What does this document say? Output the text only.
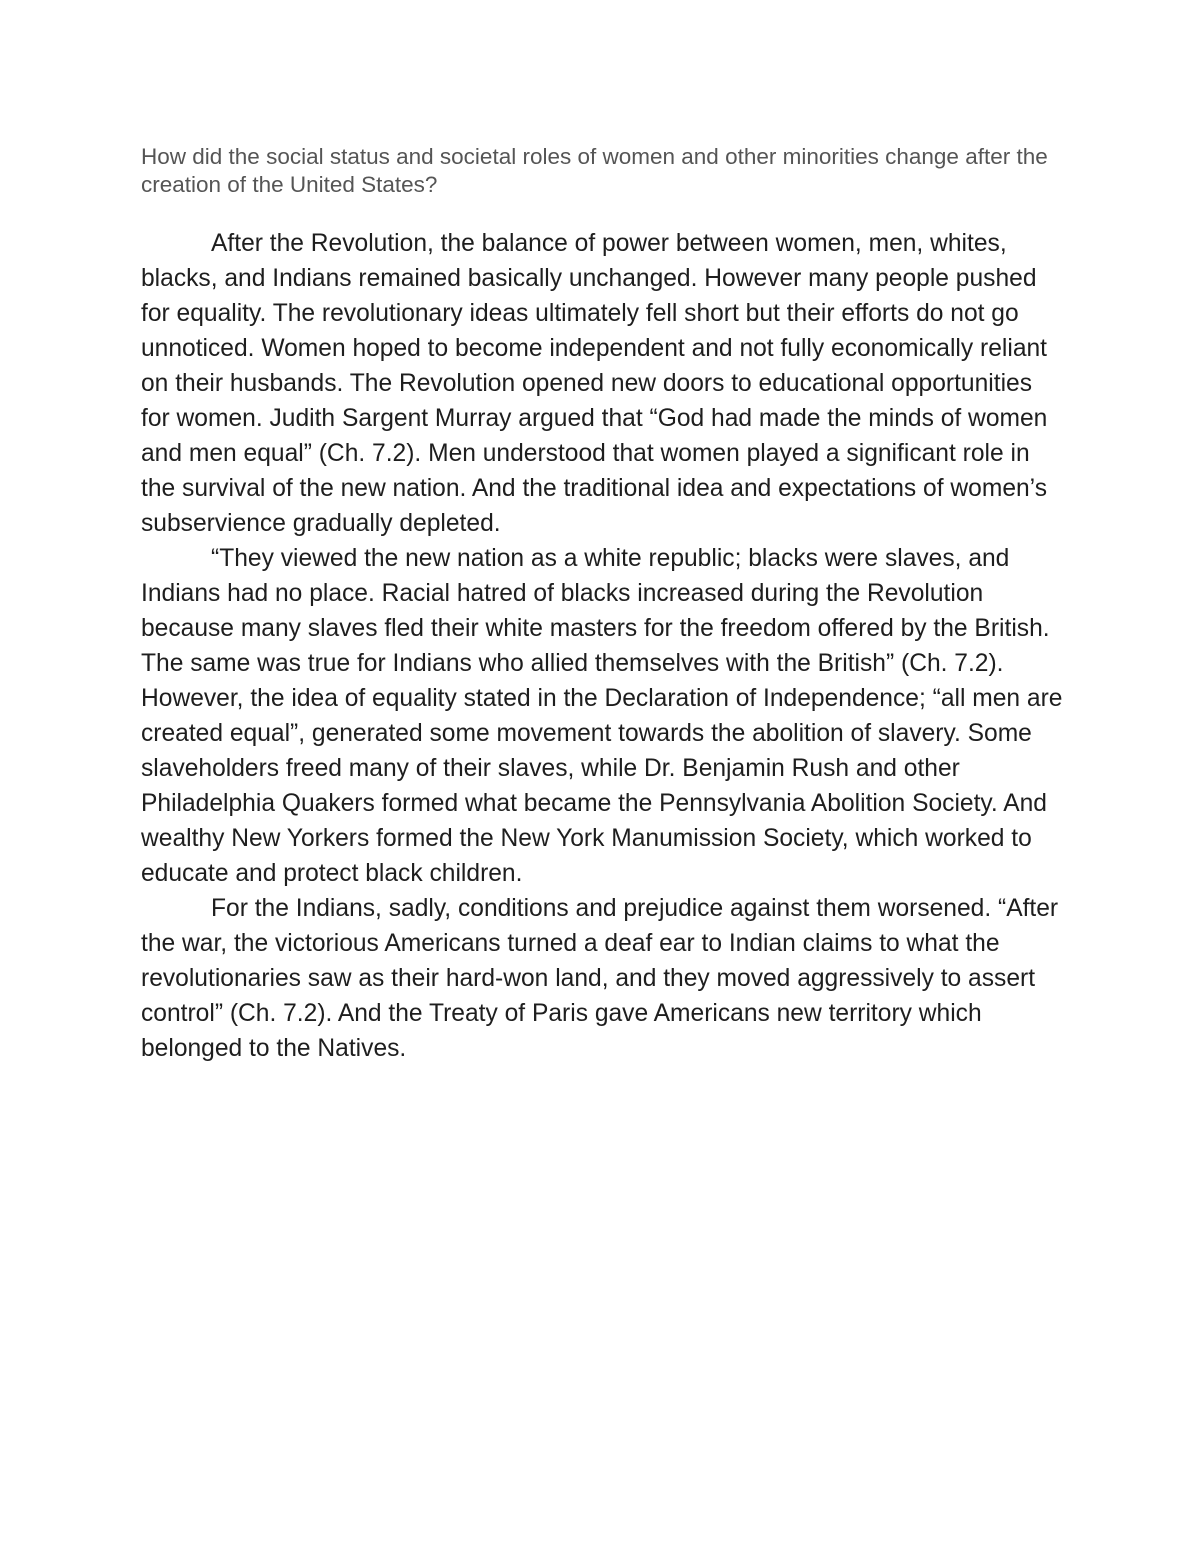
How did the social status and societal roles of women and other minorities change after the creation of the United States?

After the Revolution, the balance of power between women, men, whites, blacks, and Indians remained basically unchanged. However many people pushed for equality. The revolutionary ideas ultimately fell short but their efforts do not go unnoticed. Women hoped to become independent and not fully economically reliant on their husbands. The Revolution opened new doors to educational opportunities for women. Judith Sargent Murray argued that “God had made the minds of women and men equal” (Ch. 7.2). Men understood that women played a significant role in the survival of the new nation. And the traditional idea and expectations of women’s subservience gradually depleted.

“They viewed the new nation as a white republic; blacks were slaves, and Indians had no place. Racial hatred of blacks increased during the Revolution because many slaves fled their white masters for the freedom offered by the British. The same was true for Indians who allied themselves with the British” (Ch. 7.2). However, the idea of equality stated in the Declaration of Independence; “all men are created equal”, generated some movement towards the abolition of slavery. Some slaveholders freed many of their slaves, while Dr. Benjamin Rush and other Philadelphia Quakers formed what became the Pennsylvania Abolition Society. And wealthy New Yorkers formed the New York Manumission Society, which worked to educate and protect black children.

For the Indians, sadly, conditions and prejudice against them worsened. “After the war, the victorious Americans turned a deaf ear to Indian claims to what the revolutionaries saw as their hard-won land, and they moved aggressively to assert control” (Ch. 7.2). And the Treaty of Paris gave Americans new territory which belonged to the Natives.
